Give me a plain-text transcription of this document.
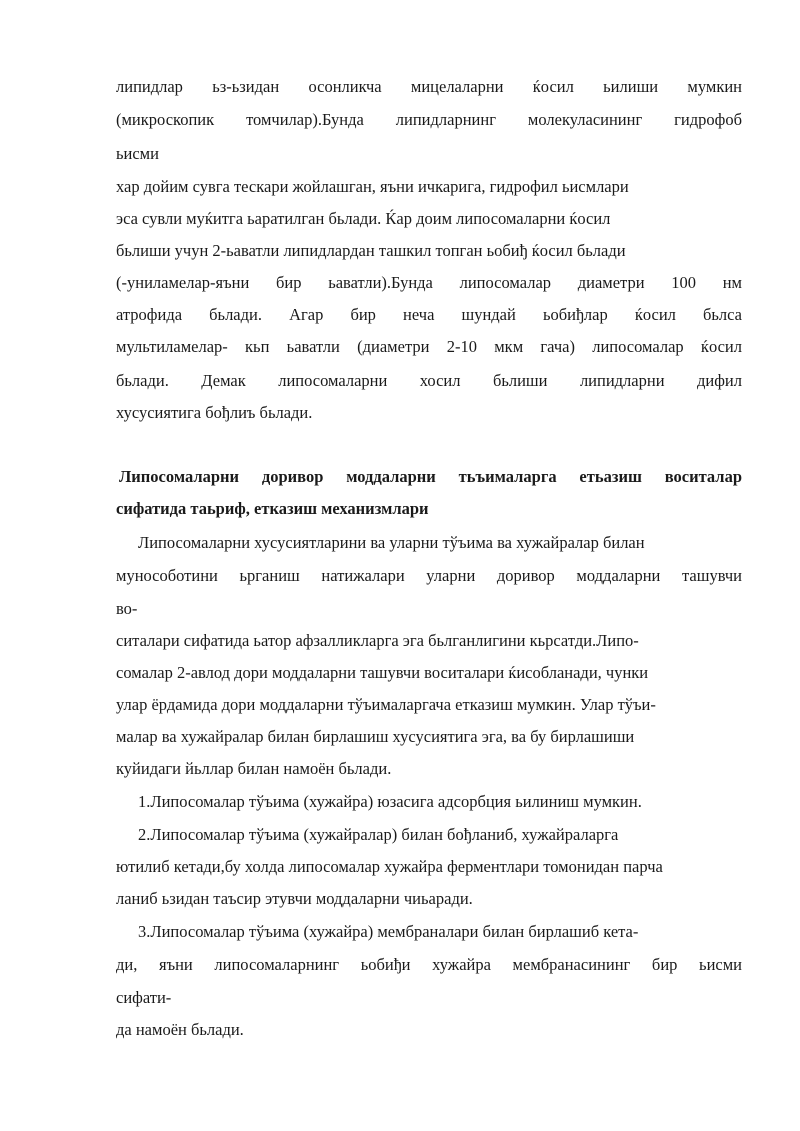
липидлар ьз-ьзидан осонликча мицелаларни ќосил ьилиши мумкин
(микроскопик томчилар).Бунда липидларнинг молекуласининг гидрофоб
ьисми
хар дойим сувга тескари жойлашган, яъни ичкарига, гидрофил ьисмлари
эса сувли муќитга ьаратилган бьлади. Ќар доим липосомаларни ќосил
бьлиши учун 2-ьаватли липидлардан ташкил топган ьобиђ ќосил бьлади
(-униламелар-яъни бир ьаватли).Бунда липосомалар диаметри 100 нм
атрофида бьлади. Агар бир неча шундай ьобиђлар ќосил бьлса
мультиламелар- кьп ьаватли (диаметри 2-10 мкм гача) липосомалар ќосил
бьлади. Демак липосомаларни хосил бьлиши липидларни дифил
хусусиятига бођлиъ бьлади.
Липосомаларни доривор моддаларни тьъималарга етьазиш воситалар
сифатида таьриф, етказиш механизмлари
Липосомаларни хусусиятларини ва уларни тўъима ва хужайралар билан
мунособотини ьрганиш натижалари уларни доривор моддаларни ташувчи
во-
ситалари сифатида ьатор афзалликларга эга бьлганлигини кьрсатди.Липо-
сомалар 2-авлод дори моддаларни ташувчи воситалари ќисобланади, чунки
улар ёрдамида дори моддаларни тўъималаргача етказиш мумкин. Улар тўъи-
малар ва хужайралар билан бирлашиш хусусиятига эга, ва бу бирлашиши
куйидаги йьллар билан намоён бьлади.
1.Липосомалар тўъима (хужайра) юзасига адсорбция ьилиниш мумкин.
2.Липосомалар тўъима (хужайралар) билан бођланиб, хужайраларга
ютилиб кетади,бу холда липосомалар хужайра ферментлари томонидан парча
ланиб ьзидан таъсир этувчи моддаларни чиьаради.
3.Липосомалар тўъима (хужайра) мембраналари билан бирлашиб кета-
ди, яъни липосомаларнинг ьобиђи хужайра мембранасининг бир ьисми
сифати-
да намоён бьлади.
